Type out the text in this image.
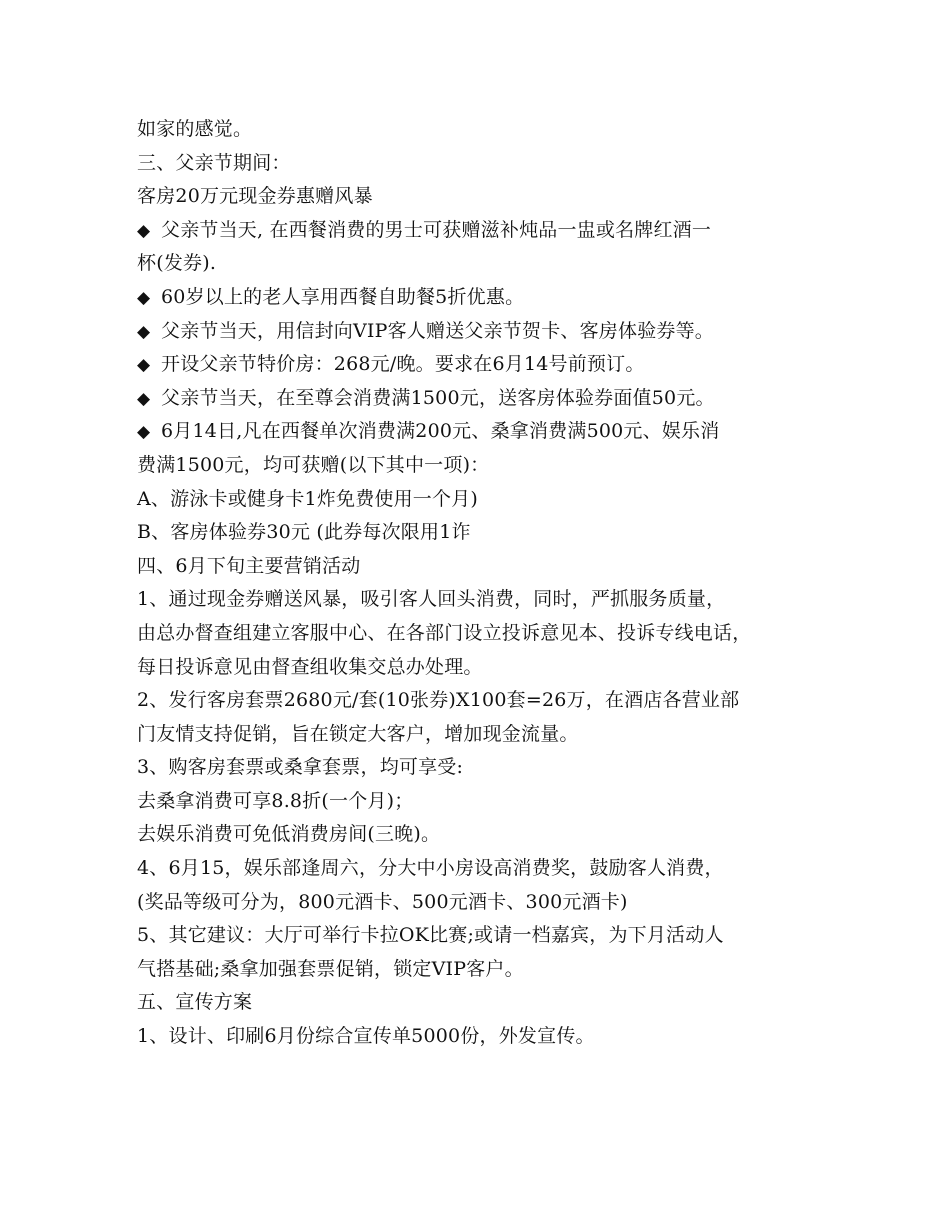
如家的感觉。
三、父亲节期间：
客房20万元现金券惠赠风暴
◆ 父亲节当天, 在西餐消费的男士可获赠滋补炖品一盅或名牌红酒一
杯(发券).
◆ 60岁以上的老人享用西餐自助餐5折优惠。
◆ 父亲节当天，用信封向VIP客人赠送父亲节贺卡、客房体验券等。
◆ 开设父亲节特价房：268元/晚。要求在6月14号前预订。
◆ 父亲节当天，在至尊会消费满1500元，送客房体验券面值50元。
◆ 6月14日,凡在西餐单次消费满200元、桑拿消费满500元、娱乐消
费满1500元，均可获赠(以下其中一项)：
A、游泳卡或健身卡1炸免费使用一个月)
B、客房体验券30元 (此券每次限用1诈
四、6月下旬主要营销活动
1、通过现金券赠送风暴，吸引客人回头消费，同时，严抓服务质量，
由总办督查组建立客服中心、在各部门设立投诉意见本、投诉专线电话，
每日投诉意见由督查组收集交总办处理。
2、发行客房套票2680元/套(10张券)X100套=26万，在酒店各营业部
门友情支持促销，旨在锁定大客户，增加现金流量。
3、购客房套票或桑拿套票，均可享受:
去桑拿消费可享8.8折(一个月)；
去娱乐消费可免低消费房间(三晚)。
4、6月15，娱乐部逢周六，分大中小房设高消费奖，鼓励客人消费，
(奖品等级可分为，800元酒卡、500元酒卡、300元酒卡)
5、其它建议：大厅可举行卡拉OK比赛;或请一档嘉宾，为下月活动人
气搭基础;桑拿加强套票促销，锁定VIP客户。
五、宣传方案
1、设计、印刷6月份综合宣传单5000份，外发宣传。
